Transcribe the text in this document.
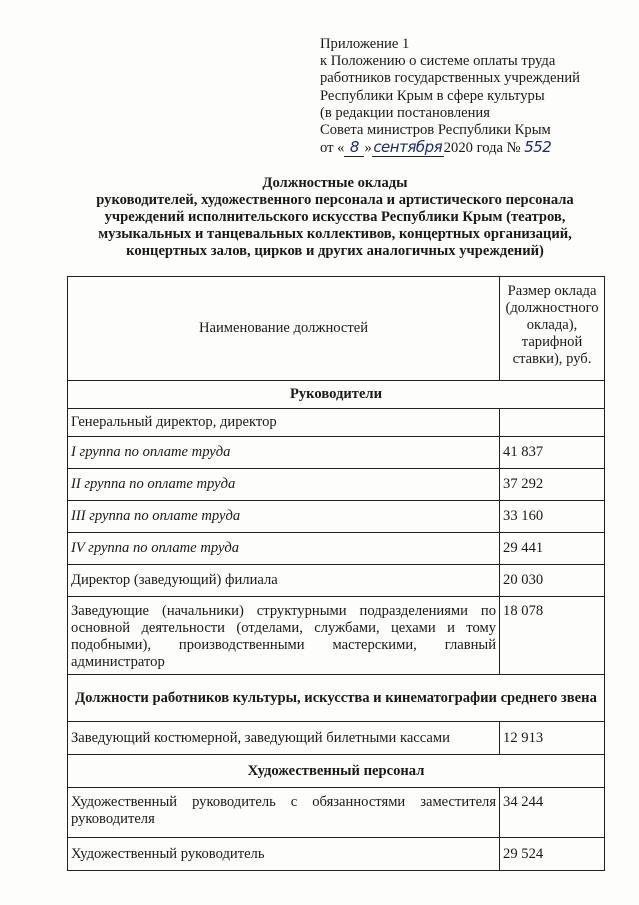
Приложение 1
к Положению о системе оплаты труда
работников государственных учреждений
Республики Крым в сфере культуры
(в редакции постановления
Совета министров Республики Крым
от « 8 » сентября 2020 года № 552
Должностные оклады
руководителей, художественного персонала и артистического персонала
учреждений исполнительского искусства Республики Крым (театров,
музыкальных и танцевальных коллективов, концертных организаций,
концертных залов, цирков и других аналогичных учреждений)
Наименование должностей	Размер оклада (должностного оклада), тарифной ставки), руб.
Руководители	
Генеральный директор, директор	
I группа по оплате труда	41 837
II группа по оплате труда	37 292
III группа по оплате труда	33 160
IV группа по оплате труда	29 441
Директор (заведующий) филиала	20 030
Заведующие (начальники) структурными подразделениями по основной деятельности (отделами, службами, цехами и тому подобными), производственными мастерскими, главный администратор	18 078
Должности работников культуры, искусства и кинематографии среднего звена	
Заведующий костюмерной, заведующий билетными кассами	12 913
Художественный персонал	
Художественный руководитель с обязанностями заместителя руководителя	34 244
Художественный руководитель	29 524
